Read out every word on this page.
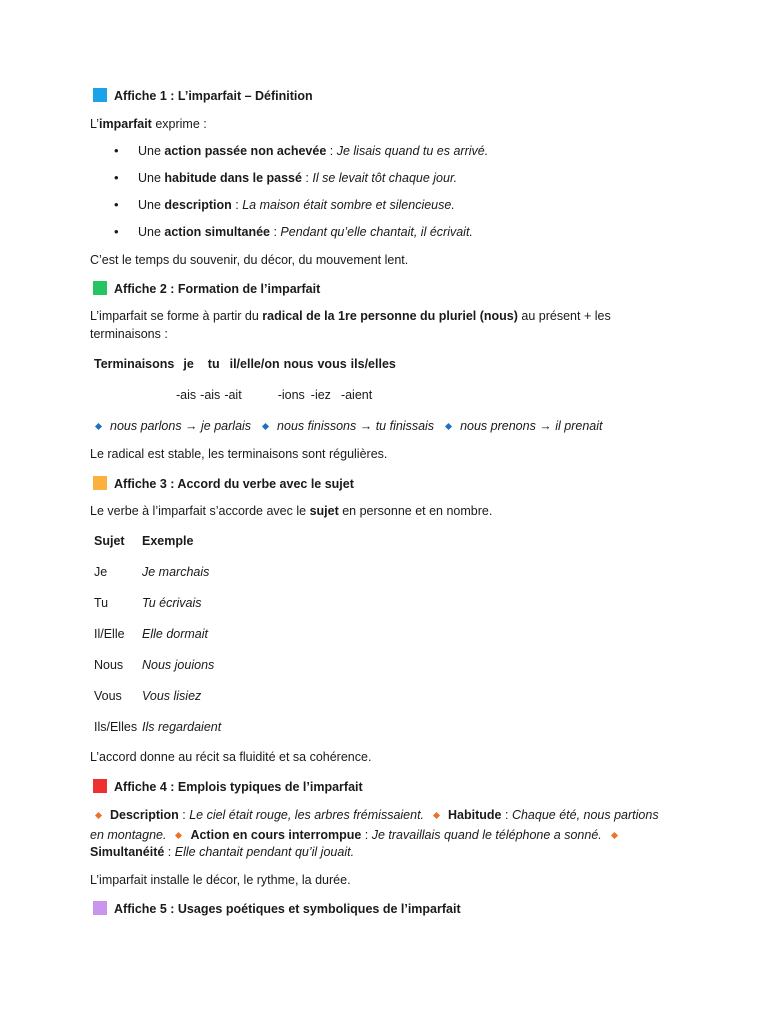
Affiche 1 : L’imparfait – Définition
L’imparfait exprime :
• Une action passée non achevée : Je lisais quand tu es arrivé.
• Une habitude dans le passé : Il se levait tôt chaque jour.
• Une description : La maison était sombre et silencieuse.
• Une action simultanée : Pendant qu’elle chantait, il écrivait.
C’est le temps du souvenir, du décor, du mouvement lent.
Affiche 2 : Formation de l’imparfait
L’imparfait se forme à partir du radical de la 1re personne du pluriel (nous) au présent + les
terminaisons :
Terminaisons je tu il/elle/on nous vous ils/elles
-ais -ais -ait	-ions -iez -aient
nous parlons → je parlais nous finissons → tu finissais nous prenons → il prenait
Le radical est stable, les terminaisons sont régulières.
Affiche 3 : Accord du verbe avec le sujet
Le verbe à l’imparfait s’accorde avec le sujet en personne et en nombre.
Sujet Exemple
Je	Je marchais
Tu	Tu écrivais
Il/Elle Elle dormait
Nous Nous jouions
Vous Vous lisiez
Ils/Elles Ils regardaient
L’accord donne au récit sa fluidité et sa cohérence.
Affiche 4 : Emplois typiques de l’imparfait
Description : Le ciel était rouge, les arbres frémissaient. Habitude : Chaque été, nous partions
en montagne. Action en cours interrompue : Je travaillais quand le téléphone a sonné.
Simultanéité : Elle chantait pendant qu’il jouait.
L’imparfait installe le décor, le rythme, la durée.
Affiche 5 : Usages poétiques et symboliques de l’imparfait
